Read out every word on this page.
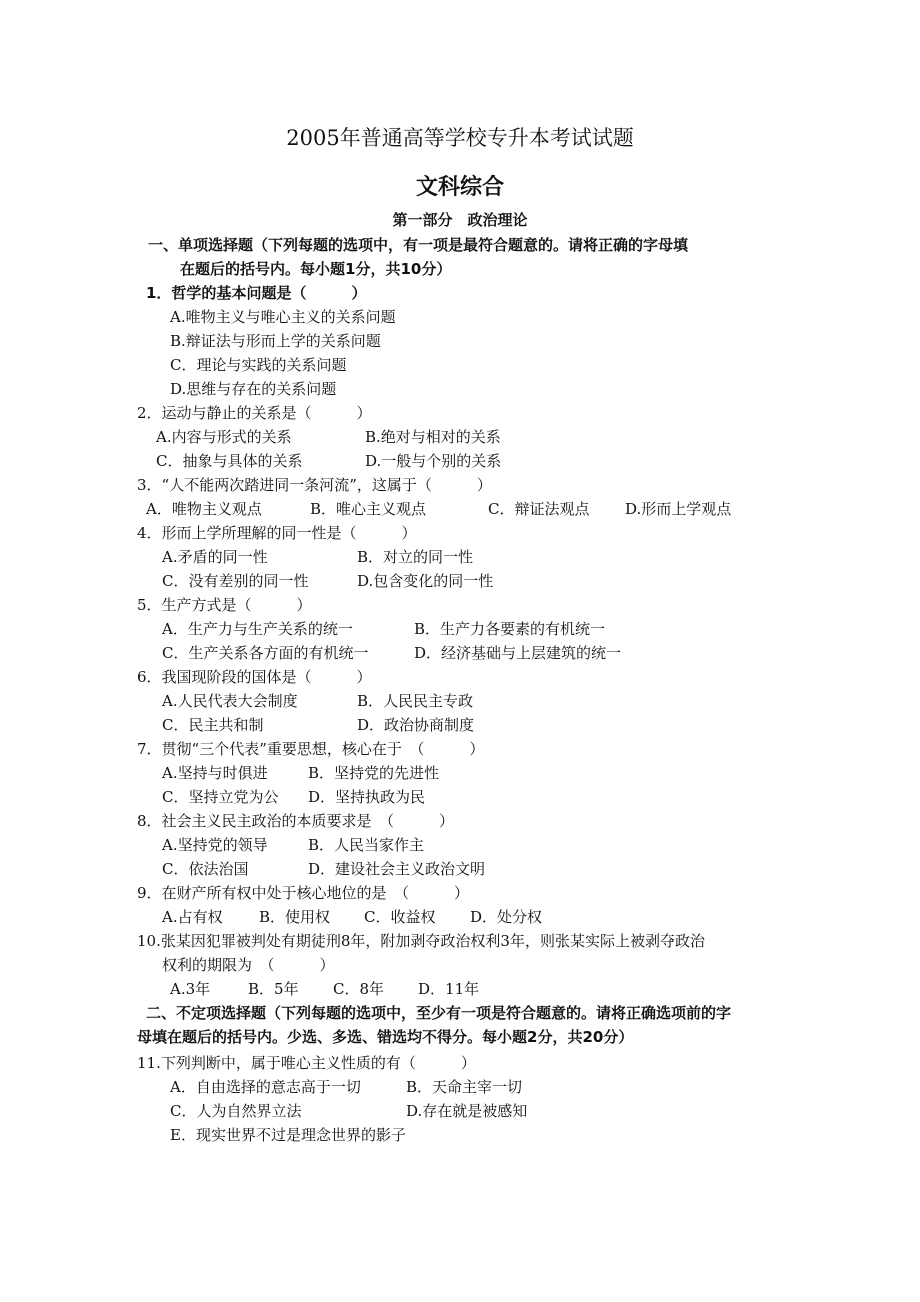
2005年普通高等学校专升本考试试题
文科综合
第一部分　政治理论
一、单项选择题（下列每题的选项中，有一项是最符合题意的。请将正确的字母填
在题后的括号内。每小题1分，共10分）
1．哲学的基本问题是（　　　）
A.唯物主义与唯心主义的关系问题
B.辩证法与形而上学的关系问题
C．理论与实践的关系问题
D.思维与存在的关系问题
2．运动与静止的关系是（　　　）
A.内容与形式的关系	B.绝对与相对的关系
C．抽象与具体的关系	D.一般与个别的关系
3．“人不能两次踏进同一条河流”，这属于（　　　）
A．唯物主义观点	B．唯心主义观点	C．辩证法观点 D.形而上学观点
4．形而上学所理解的同一性是（　　　）
A.矛盾的同一性	B．对立的同一性
C．没有差别的同一性	D.包含变化的同一性
5．生产方式是（　　　）
A．生产力与生产关系的统一	B．生产力各要素的有机统一
C．生产关系各方面的有机统一	D．经济基础与上层建筑的统一
6．我国现阶段的国体是（　　　）
A.人民代表大会制度	B．人民民主专政
C．民主共和制	D．政治协商制度
7．贯彻“三个代表”重要思想，核心在于　（　　　）
A.坚持与时俱进	B．坚持党的先进性
C．坚持立党为公 D．坚持执政为民
8．社会主义民主政治的本质要求是　（　　　）
A.坚持党的领导	B．人民当家作主
C．依法治国	D．建设社会主义政治文明
9．在财产所有权中处于核心地位的是　（　　　）
A.占有权 B．使用权 C．收益权 D．处分权
10.张某因犯罪被判处有期徒刑8年，附加剥夺政治权利3年，则张某实际上被剥夺政治
权利的期限为　（　　　）
A.3年	B．5年 C．8年 D．11年
二、不定项选择题（下列每题的选项中，至少有一项是符合题意的。请将正确选项前的字
母填在题后的括号内。少选、多选、错选均不得分。每小题2分，共20分）
11.下列判断中，属于唯心主义性质的有（　　　）
A．自由选择的意志高于一切	B．天命主宰一切
C．人为自然界立法	D.存在就是被感知
E．现实世界不过是理念世界的影子
